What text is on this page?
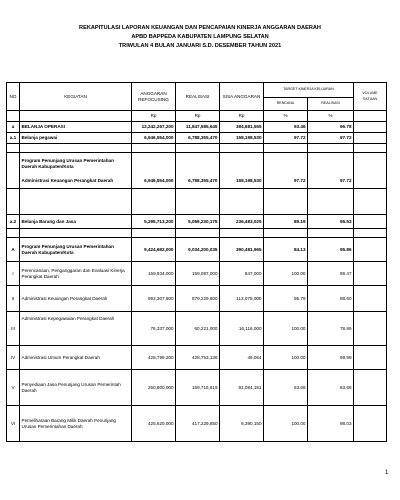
REKAPITULASI LAPORAN KEUANGAN DAN PENCAPAIAN KINERJA ANGGARAN DAERAH
APBD BAPPEDA KABUPATEN LAMPUNG SELATAN
TRIWULAN 4 BULAN JANUARI S.D. DESEMBER TAHUN 2021
NO	KEGIATAN	ANGGARAN REFOCUSING	REALISASI	SISA ANGGARAN	TARGET KINERJA KELUARAN		VOLUME SATUAN
					RENCANA	REALISASI	
		Rp	Rp	Rp	%	%	
a	BELANJA OPERASI	12,242,267,200	11,847,585,645	394,681,555	93.46	96.78	
a.1	Belanja pegawai	6,946,554,000	6,788,355,470	158,198,530	97.72	97.72	

	Program Penunjang Urusan Pemerintahan Daerah Kabupaten/Kota						
	Administrasi Keuangan Perangkat Daerah	6,946,554,000	6,788,355,470	158,198,530	97.72	97.72	

a.2	Belanja Barang dan Jasa	5,295,713,200	5,059,230,175	236,483,025	89.19	95.53	

A	Program Penunjang Urusan Pemerintahan Daerah Kabupaten/Kota	9,424,682,000	9,034,200,035	390,481,965	84.13	95.86	
I	Perencanaan, Penganggaran dan Evaluasi Kinerja Perangkat Daerah	159,934,000	159,087,000	847,000	100.00	99.47	
II	Administrasi Keuangan Perangkat Daerah	992,307,600	879,229,600	113,078,000	95.79	88.60	
III	Administrasi Kepegawaian Perangkat Daerah	76,337,000	60,221,000	16,116,000	100.00	78.89	
IV	Administrasi Umum Perangkat Daerah	428,799,200	428,753,136	46,064	100.00	99.99	
V	Penyediaan Jasa Penunjang Urusan Pemerintah Daerah	250,800,000	159,715,819	91,084,181	63.68	63.68	
VI	Pemeliharaan Barang Milik Daerah Penunjang Urusan Pemerintahan Daerah	425,620,000	417,229,850	8,390,150	100.00	98.03	
1
